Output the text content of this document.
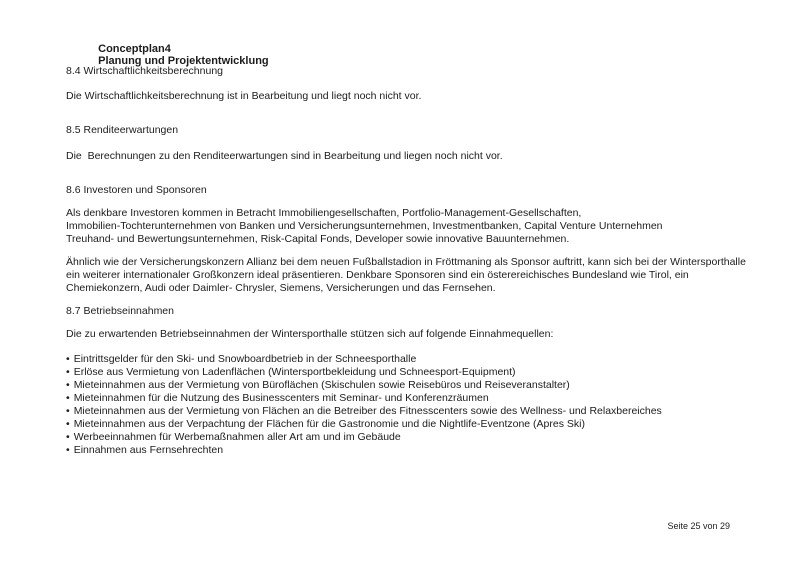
Conceptplan4
Planung und Projektentwicklung

8.4 Wirtschaftlichkeitsberechnung
Die Wirtschaftlichkeitsberechnung ist in Bearbeitung und liegt noch nicht vor.
8.5 Renditeerwartungen
Die  Berechnungen zu den Renditeerwartungen sind in Bearbeitung und liegen noch nicht vor.
8.6 Investoren und Sponsoren
Als denkbare Investoren kommen in Betracht Immobiliengesellschaften, Portfolio-Management-Gesellschaften,
Immobilien-Tochterunternehmen von Banken und Versicherungsunternehmen, Investmentbanken, Capital Venture Unternehmen
Treuhand- und Bewertungsunternehmen, Risk-Capital Fonds, Developer sowie innovative Bauunternehmen.
Ähnlich wie der Versicherungskonzern Allianz bei dem neuen Fußballstadion in Fröttmaning als Sponsor auftritt, kann sich bei der Wintersporthalle
ein weiterer internationaler Großkonzern ideal präsentieren. Denkbare Sponsoren sind ein österereichisches Bundesland wie Tirol, ein
Chemiekonzern, Audi oder Daimler- Chrysler, Siemens, Versicherungen und das Fernsehen.
8.7 Betriebseinnahmen
Die zu erwartenden Betriebseinnahmen der Wintersporthalle stützen sich auf folgende Einnahmequellen:
• Eintrittsgelder für den Ski- und Snowboardbetrieb in der Schneesporthalle
• Erlöse aus Vermietung von Ladenflächen (Wintersportbekleidung und Schneesport-Equipment)
• Mieteinnahmen aus der Vermietung von Büroflächen (Skischulen sowie Reisebüros und Reiseveranstalter)
• Mieteinnahmen für die Nutzung des Businesscenters mit Seminar- und Konferenzräumen
• Mieteinnahmen aus der Vermietung von Flächen an die Betreiber des Fitnesscenters sowie des Wellness- und Relaxbereiches
• Mieteinnahmen aus der Verpachtung der Flächen für die Gastronomie und die Nightlife-Eventzone (Apres Ski)
• Werbeeinnahmen für Werbemaßnahmen aller Art am und im Gebäude
• Einnahmen aus Fernsehrechten
Seite 25 von 29
